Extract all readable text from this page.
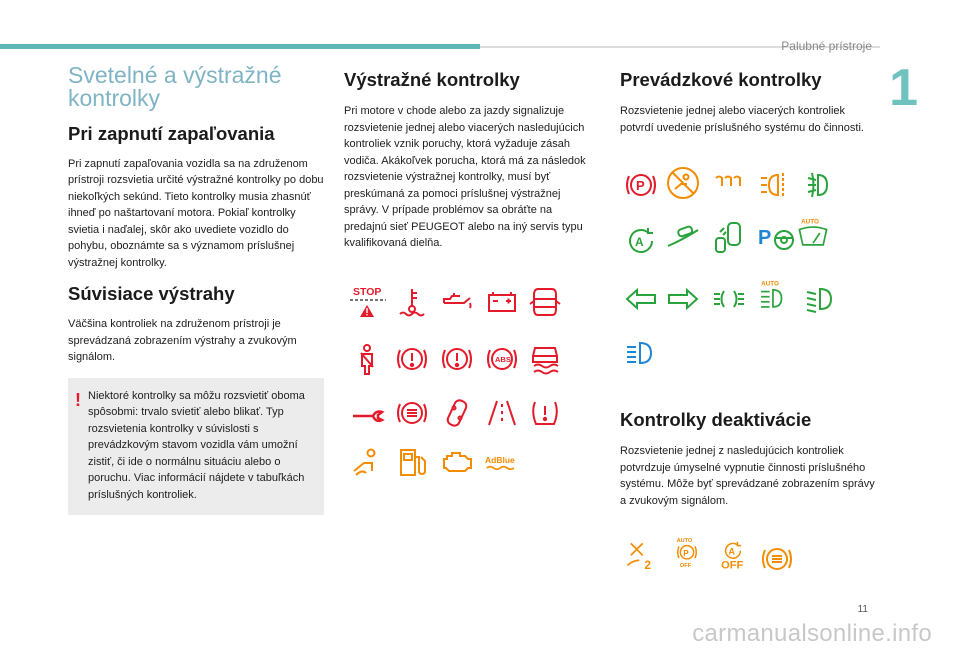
Palubné prístroje
1
Svetelné a výstražné kontrolky
Pri zapnutí zapaľovania

Pri zapnutí zapaľovania vozidla sa na združenom prístroji rozsvietia určité výstražné kontrolky po dobu niekoľkých sekúnd. Tieto kontrolky musia zhasnúť ihneď po naštartovaní motora. Pokiaľ kontrolky svietia i naďalej, skôr ako uvediete vozidlo do pohybu, oboznámte sa s významom príslušnej výstražnej kontrolky.

Súvisiace výstrahy

Väčšina kontroliek na združenom prístroji je sprevádzaná zobrazením výstrahy a zvukovým signálom.

! Niektoré kontrolky sa môžu rozsvietiť oboma spôsobmi: trvalo svietiť alebo blikať. Typ rozsvietenia kontrolky v súvislosti s prevádzkovým stavom vozidla vám umožní zistiť, či ide o normálnu situáciu alebo o poruchu. Viac informácií nájdete v tabuľkách príslušných kontroliek.

Výstražné kontrolky

Pri motore v chode alebo za jazdy signalizuje rozsvietenie jednej alebo viacerých nasledujúcich kontroliek vznik poruchy, ktorá vyžaduje zásah vodiča. Akákoľvek porucha, ktorá má za následok rozsvietenie výstražnej kontrolky, musí byť preskúmaná za pomoci príslušnej výstražnej správy. V prípade problémov sa obráťte na predajnú sieť PEUGEOT alebo na iný servis typu kvalifikovaná dielňa.

STOP
ABS
AdBlue
Prevádzkové kontrolky

Rozsvietenie jednej alebo viacerých kontroliek potvrdí uvedenie príslušného systému do činnosti.

P
A	P
AUTO
AUTO
Kontrolky deaktivácie

Rozsvietenie jednej z nasledujúcich kontroliek potvrdzuje úmyselné vypnutie činnosti príslušného systému. Môže byť sprevádzané zobrazením správy a zvukovým signálom.

2
AUTO
P
OFF
A
OFF
11
carmanualsonline.info
